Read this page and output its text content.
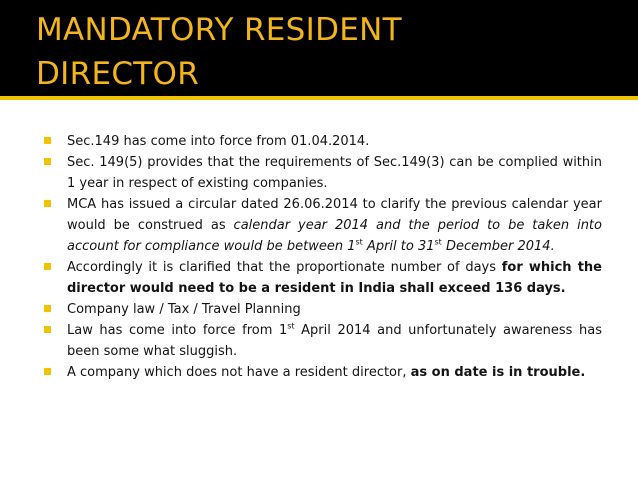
MANDATORY RESIDENT
DIRECTOR
Sec.149 has come into force from 01.04.2014.
Sec. 149(5) provides that the requirements of Sec.149(3) can be complied within 1 year in respect of existing companies.
MCA has issued a circular dated 26.06.2014 to clarify the previous calendar year would be construed as calendar year 2014 and the period to be taken into account for compliance would be between 1st April to 31st December 2014.
Accordingly it is clarified that the proportionate number of days for which the director would need to be a resident in India shall exceed 136 days.
Company law / Tax / Travel Planning
Law has come into force from 1st April 2014 and unfortunately awareness has been some what sluggish.
A company which does not have a resident director, as on date is in trouble.
